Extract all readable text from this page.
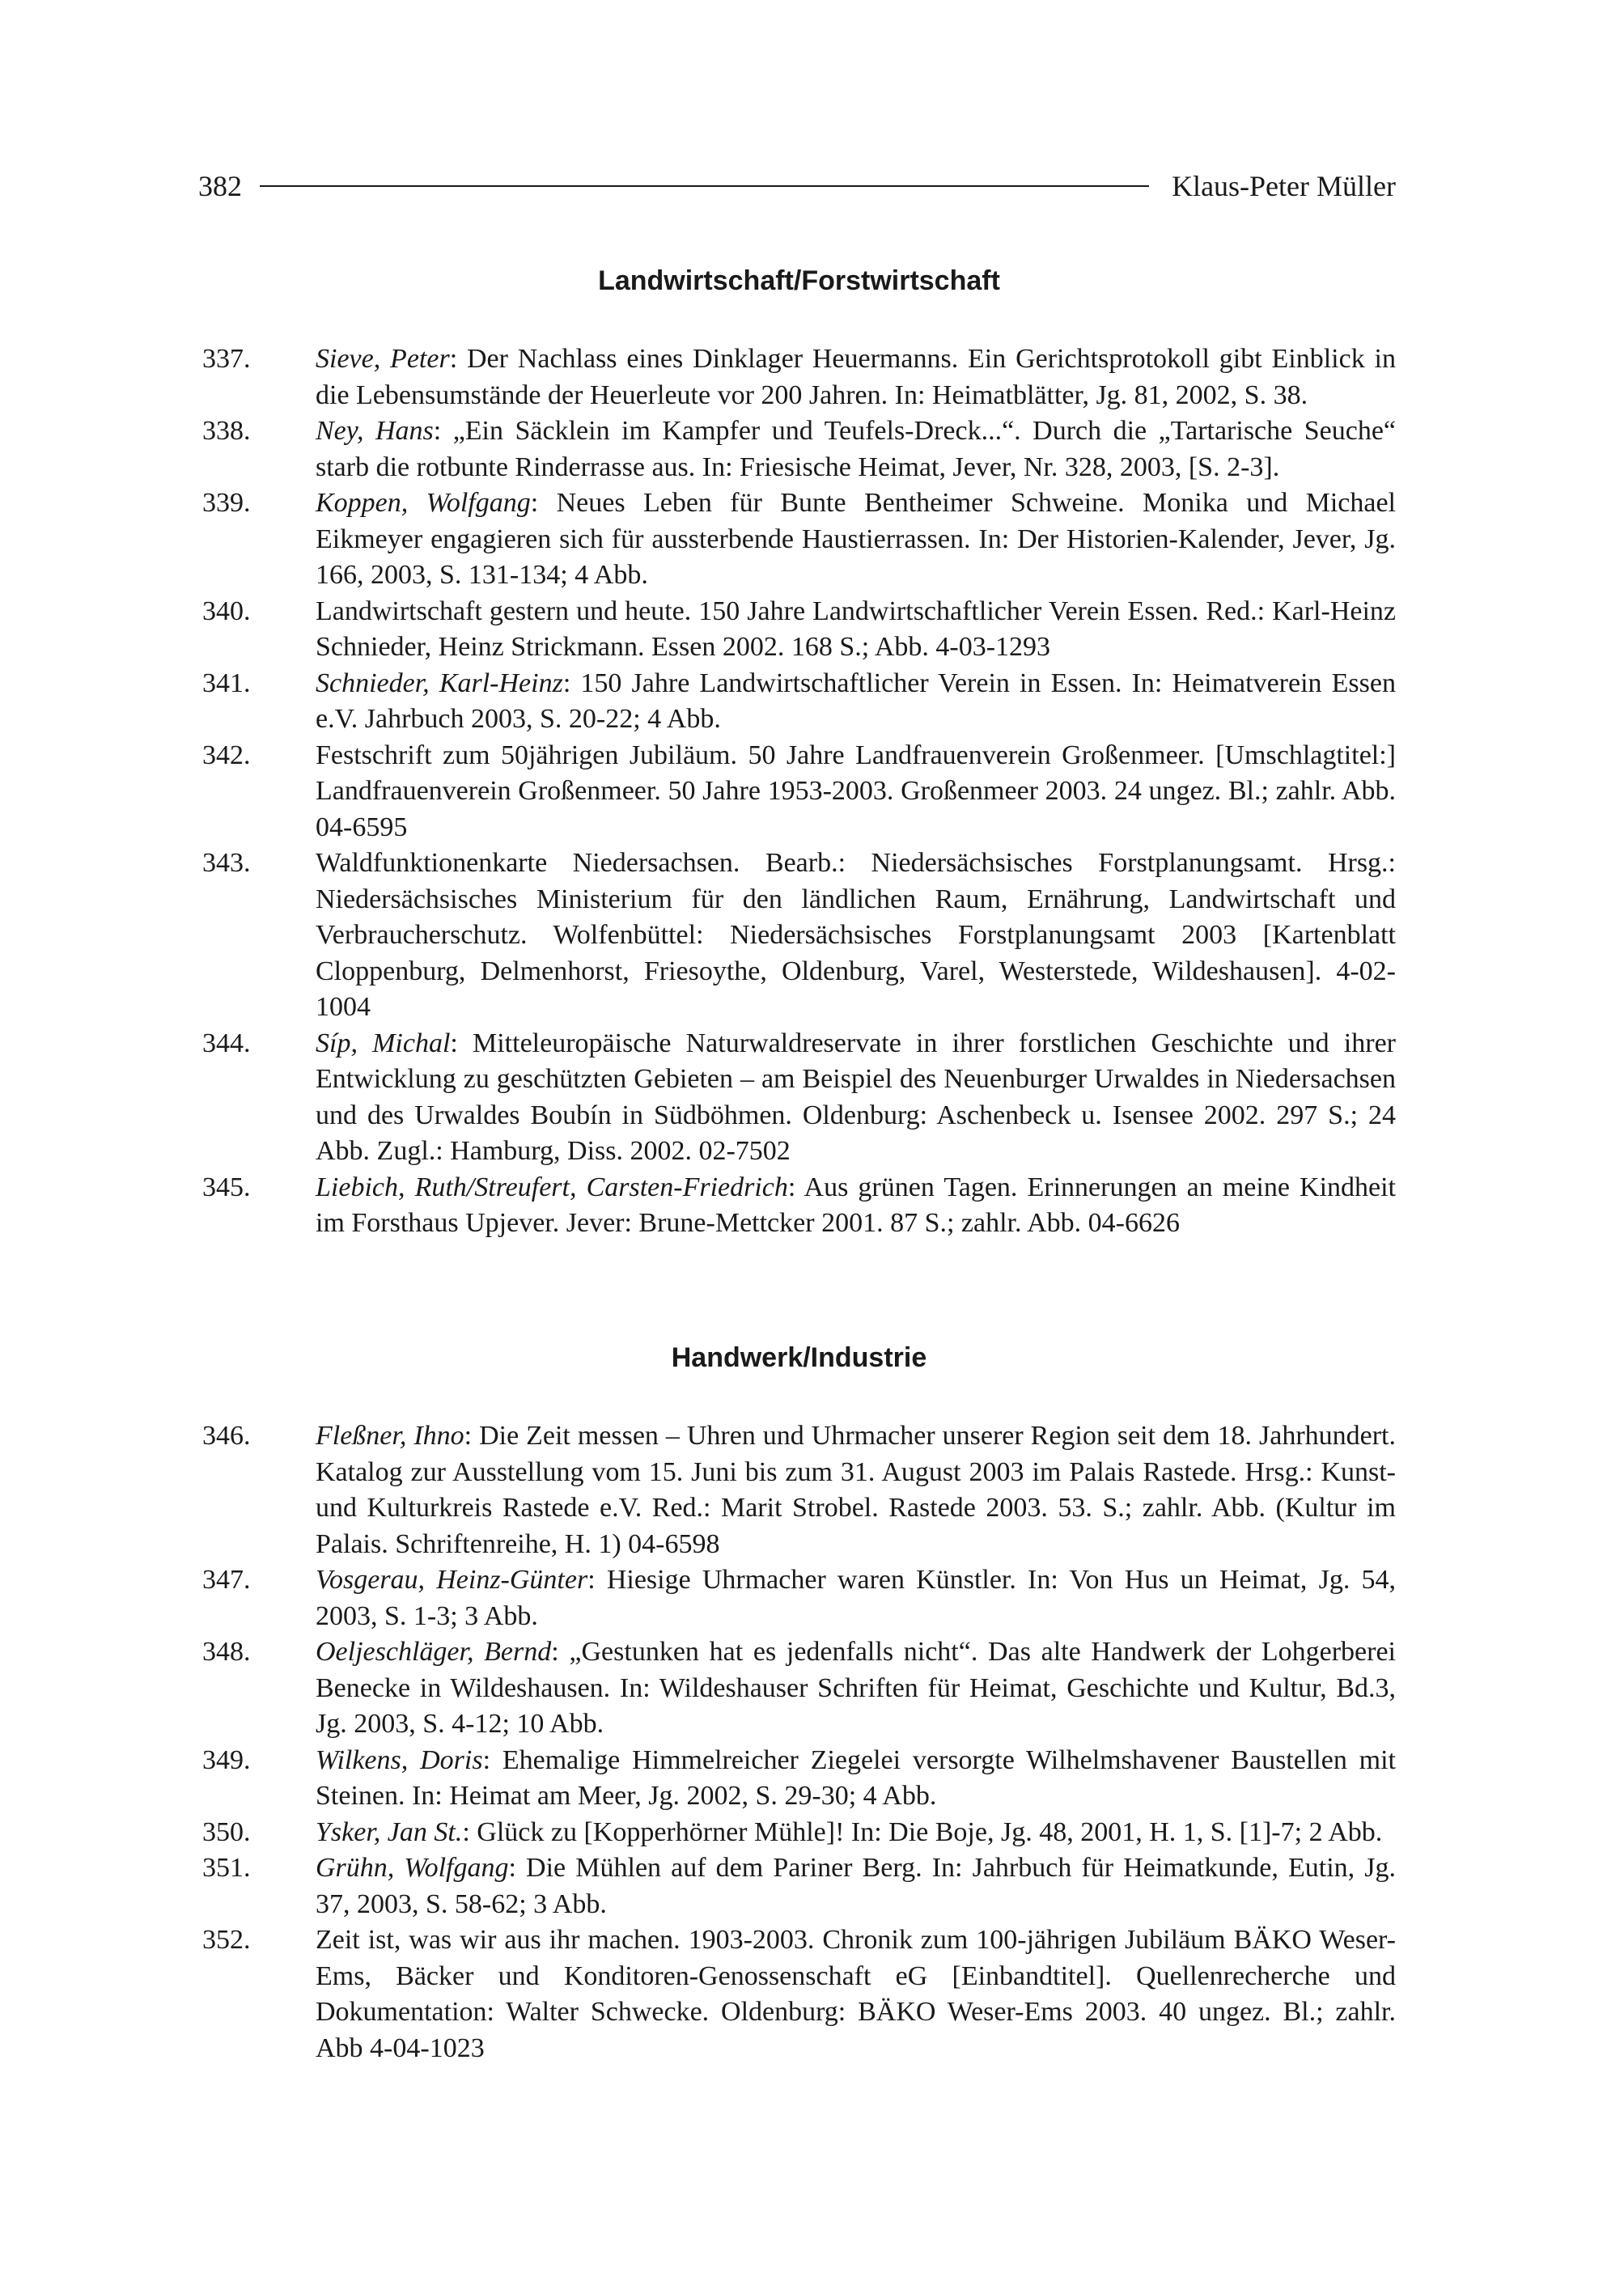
382	Klaus-Peter Müller
Landwirtschaft/Forstwirtschaft
337.	Sieve, Peter: Der Nachlass eines Dinklager Heuermanns. Ein Gerichtsprotokoll gibt Einblick in die Lebensumstände der Heuerleute vor 200 Jahren. In: Heimatblätter, Jg. 81, 2002, S. 38.
338.	Ney, Hans: „Ein Säcklein im Kampfer und Teufels-Dreck...“. Durch die „Tartarische Seuche“ starb die rotbunte Rinderrasse aus. In: Friesische Heimat, Jever, Nr. 328, 2003, [S. 2-3].
339.	Koppen, Wolfgang: Neues Leben für Bunte Bentheimer Schweine. Monika und Michael Eikmeyer engagieren sich für aussterbende Haustierrassen. In: Der Historien-Kalender, Jever, Jg. 166, 2003, S. 131-134; 4 Abb.
340.	Landwirtschaft gestern und heute. 150 Jahre Landwirtschaftlicher Verein Essen. Red.: Karl-Heinz Schnieder, Heinz Strickmann. Essen 2002. 168 S.; Abb. 4-03-1293
341.	Schnieder, Karl-Heinz: 150 Jahre Landwirtschaftlicher Verein in Essen. In: Heimatverein Essen e.V. Jahrbuch 2003, S. 20-22; 4 Abb.
342.	Festschrift zum 50jährigen Jubiläum. 50 Jahre Landfrauenverein Großenmeer. [Umschlagtitel:] Landfrauenverein Großenmeer. 50 Jahre 1953-2003. Großenmeer 2003. 24 ungez. Bl.; zahlr. Abb. 04-6595
343.	Waldfunktionenkarte Niedersachsen. Bearb.: Niedersächsisches Forstplanungsamt. Hrsg.: Niedersächsisches Ministerium für den ländlichen Raum, Ernährung, Landwirtschaft und Verbraucherschutz. Wolfenbüttel: Niedersächsisches Forstplanungsamt 2003 [Kartenblatt Cloppenburg, Delmenhorst, Friesoythe, Oldenburg, Varel, Westerstede, Wildeshausen]. 4-02-1004
344.	Síp, Michal: Mitteleuropäische Naturwaldreservate in ihrer forstlichen Geschichte und ihrer Entwicklung zu geschützten Gebieten – am Beispiel des Neuenburger Urwaldes in Niedersachsen und des Urwaldes Boubín in Südböhmen. Oldenburg: Aschenbeck u. Isensee 2002. 297 S.; 24 Abb. Zugl.: Hamburg, Diss. 2002. 02-7502
345.	Liebich, Ruth/Streufert, Carsten-Friedrich: Aus grünen Tagen. Erinnerungen an meine Kindheit im Forsthaus Upjever. Jever: Brune-Mettcker 2001. 87 S.; zahlr. Abb. 04-6626
Handwerk/Industrie
346.	Fleßner, Ihno: Die Zeit messen – Uhren und Uhrmacher unserer Region seit dem 18. Jahrhundert. Katalog zur Ausstellung vom 15. Juni bis zum 31. August 2003 im Palais Rastede. Hrsg.: Kunst- und Kulturkreis Rastede e.V. Red.: Marit Strobel. Rastede 2003. 53. S.; zahlr. Abb. (Kultur im Palais. Schriftenreihe, H. 1) 04-6598
347.	Vosgerau, Heinz-Günter: Hiesige Uhrmacher waren Künstler. In: Von Hus un Heimat, Jg. 54, 2003, S. 1-3; 3 Abb.
348.	Oeljeschläger, Bernd: „Gestunken hat es jedenfalls nicht“. Das alte Handwerk der Lohgerberei Benecke in Wildeshausen. In: Wildeshauser Schriften für Heimat, Geschichte und Kultur, Bd.3, Jg. 2003, S. 4-12; 10 Abb.
349.	Wilkens, Doris: Ehemalige Himmelreicher Ziegelei versorgte Wilhelmshavener Baustellen mit Steinen. In: Heimat am Meer, Jg. 2002, S. 29-30; 4 Abb.
350.	Ysker, Jan St.: Glück zu [Kopperhörner Mühle]! In: Die Boje, Jg. 48, 2001, H. 1, S. [1]-7; 2 Abb.
351.	Grühn, Wolfgang: Die Mühlen auf dem Pariner Berg. In: Jahrbuch für Heimatkunde, Eutin, Jg. 37, 2003, S. 58-62; 3 Abb.
352.	Zeit ist, was wir aus ihr machen. 1903-2003. Chronik zum 100-jährigen Jubiläum BÄKO Weser-Ems, Bäcker und Konditoren-Genossenschaft eG [Einbandtitel]. Quellenrecherche und Dokumentation: Walter Schwecke. Oldenburg: BÄKO Weser-Ems 2003. 40 ungez. Bl.; zahlr. Abb 4-04-1023
